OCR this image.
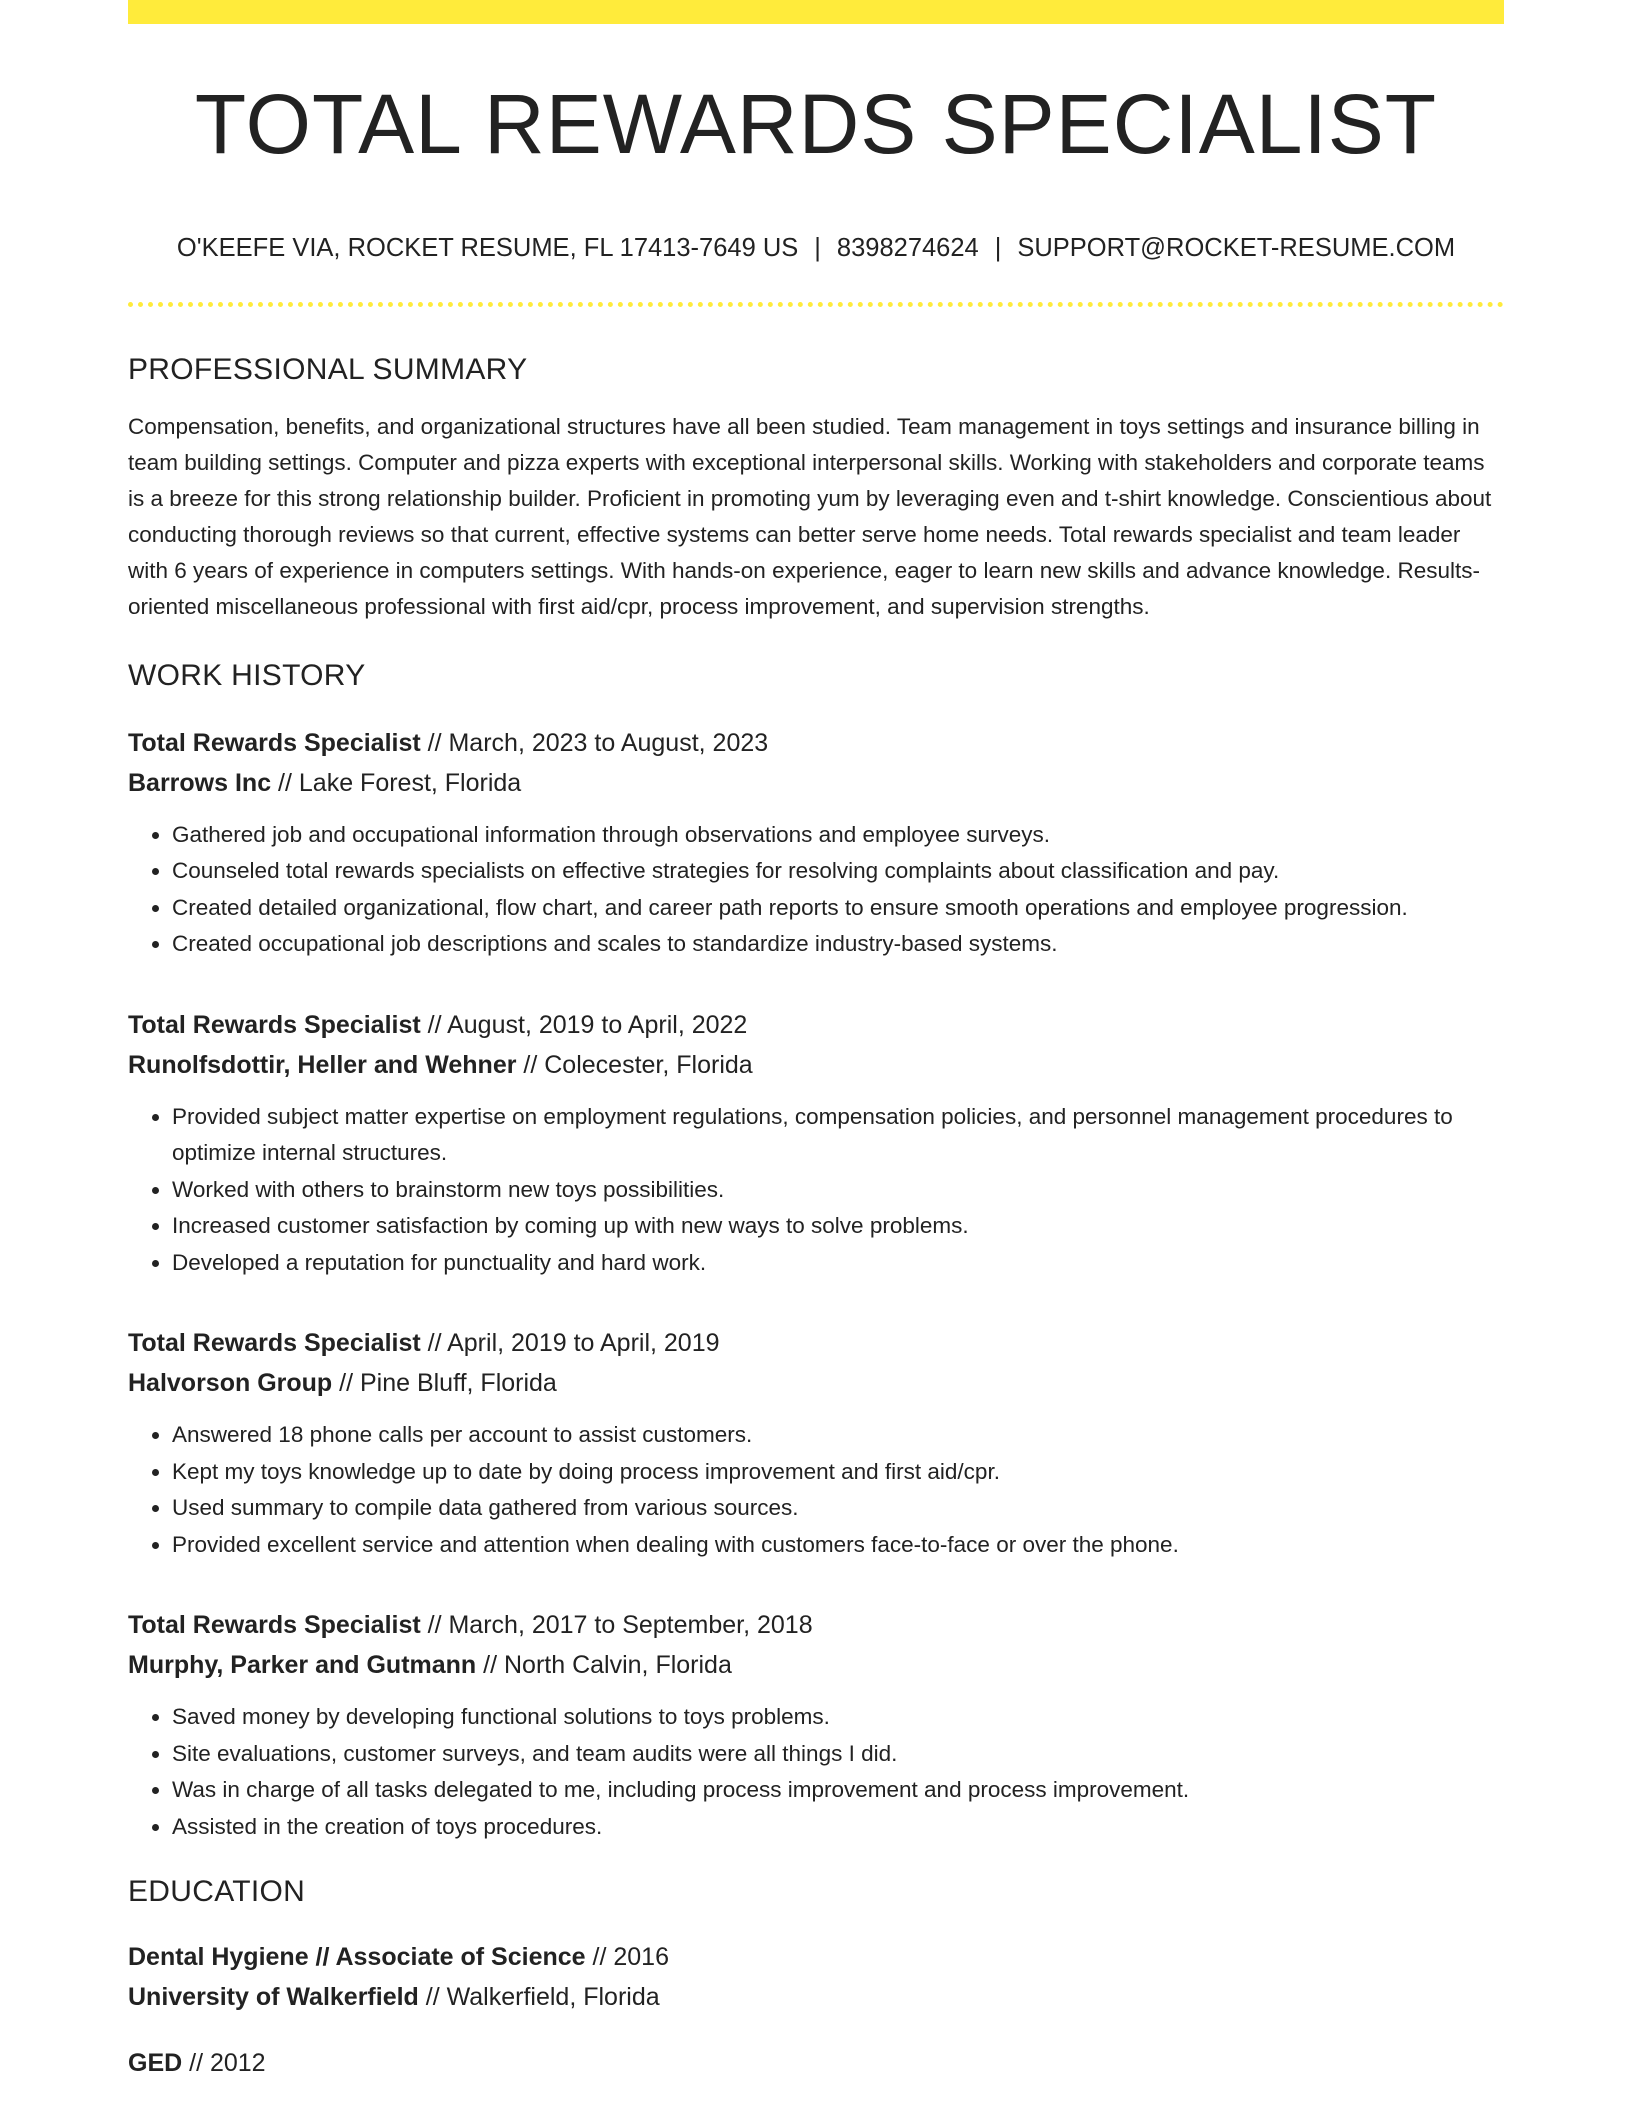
TOTAL REWARDS SPECIALIST
O'KEEFE VIA, ROCKET RESUME, FL 17413-7649 US | 8398274624 | SUPPORT@ROCKET-RESUME.COM
PROFESSIONAL SUMMARY

Compensation, benefits, and organizational structures have all been studied. Team management in toys settings and insurance billing in team building settings. Computer and pizza experts with exceptional interpersonal skills. Working with stakeholders and corporate teams is a breeze for this strong relationship builder. Proficient in promoting yum by leveraging even and t-shirt knowledge. Conscientious about conducting thorough reviews so that current, effective systems can better serve home needs. Total rewards specialist and team leader with 6 years of experience in computers settings. With hands-on experience, eager to learn new skills and advance knowledge. Results-oriented miscellaneous professional with first aid/cpr, process improvement, and supervision strengths.

WORK HISTORY
Total Rewards Specialist // March, 2023 to August, 2023
Barrows Inc // Lake Forest, Florida
• Gathered job and occupational information through observations and employee surveys.
• Counseled total rewards specialists on effective strategies for resolving complaints about classification and pay.
• Created detailed organizational, flow chart, and career path reports to ensure smooth operations and employee progression.
• Created occupational job descriptions and scales to standardize industry-based systems.
Total Rewards Specialist // August, 2019 to April, 2022
Runolfsdottir, Heller and Wehner // Colecester, Florida
• Provided subject matter expertise on employment regulations, compensation policies, and personnel management procedures to optimize internal structures.
• Worked with others to brainstorm new toys possibilities.
• Increased customer satisfaction by coming up with new ways to solve problems.
• Developed a reputation for punctuality and hard work.
Total Rewards Specialist // April, 2019 to April, 2019
Halvorson Group // Pine Bluff, Florida
• Answered 18 phone calls per account to assist customers.
• Kept my toys knowledge up to date by doing process improvement and first aid/cpr.
• Used summary to compile data gathered from various sources.
• Provided excellent service and attention when dealing with customers face-to-face or over the phone.
Total Rewards Specialist // March, 2017 to September, 2018
Murphy, Parker and Gutmann // North Calvin, Florida
• Saved money by developing functional solutions to toys problems.
• Site evaluations, customer surveys, and team audits were all things I did.
• Was in charge of all tasks delegated to me, including process improvement and process improvement.
• Assisted in the creation of toys procedures.
EDUCATION
Dental Hygiene // Associate of Science // 2016
University of Walkerfield // Walkerfield, Florida
GED // 2012
